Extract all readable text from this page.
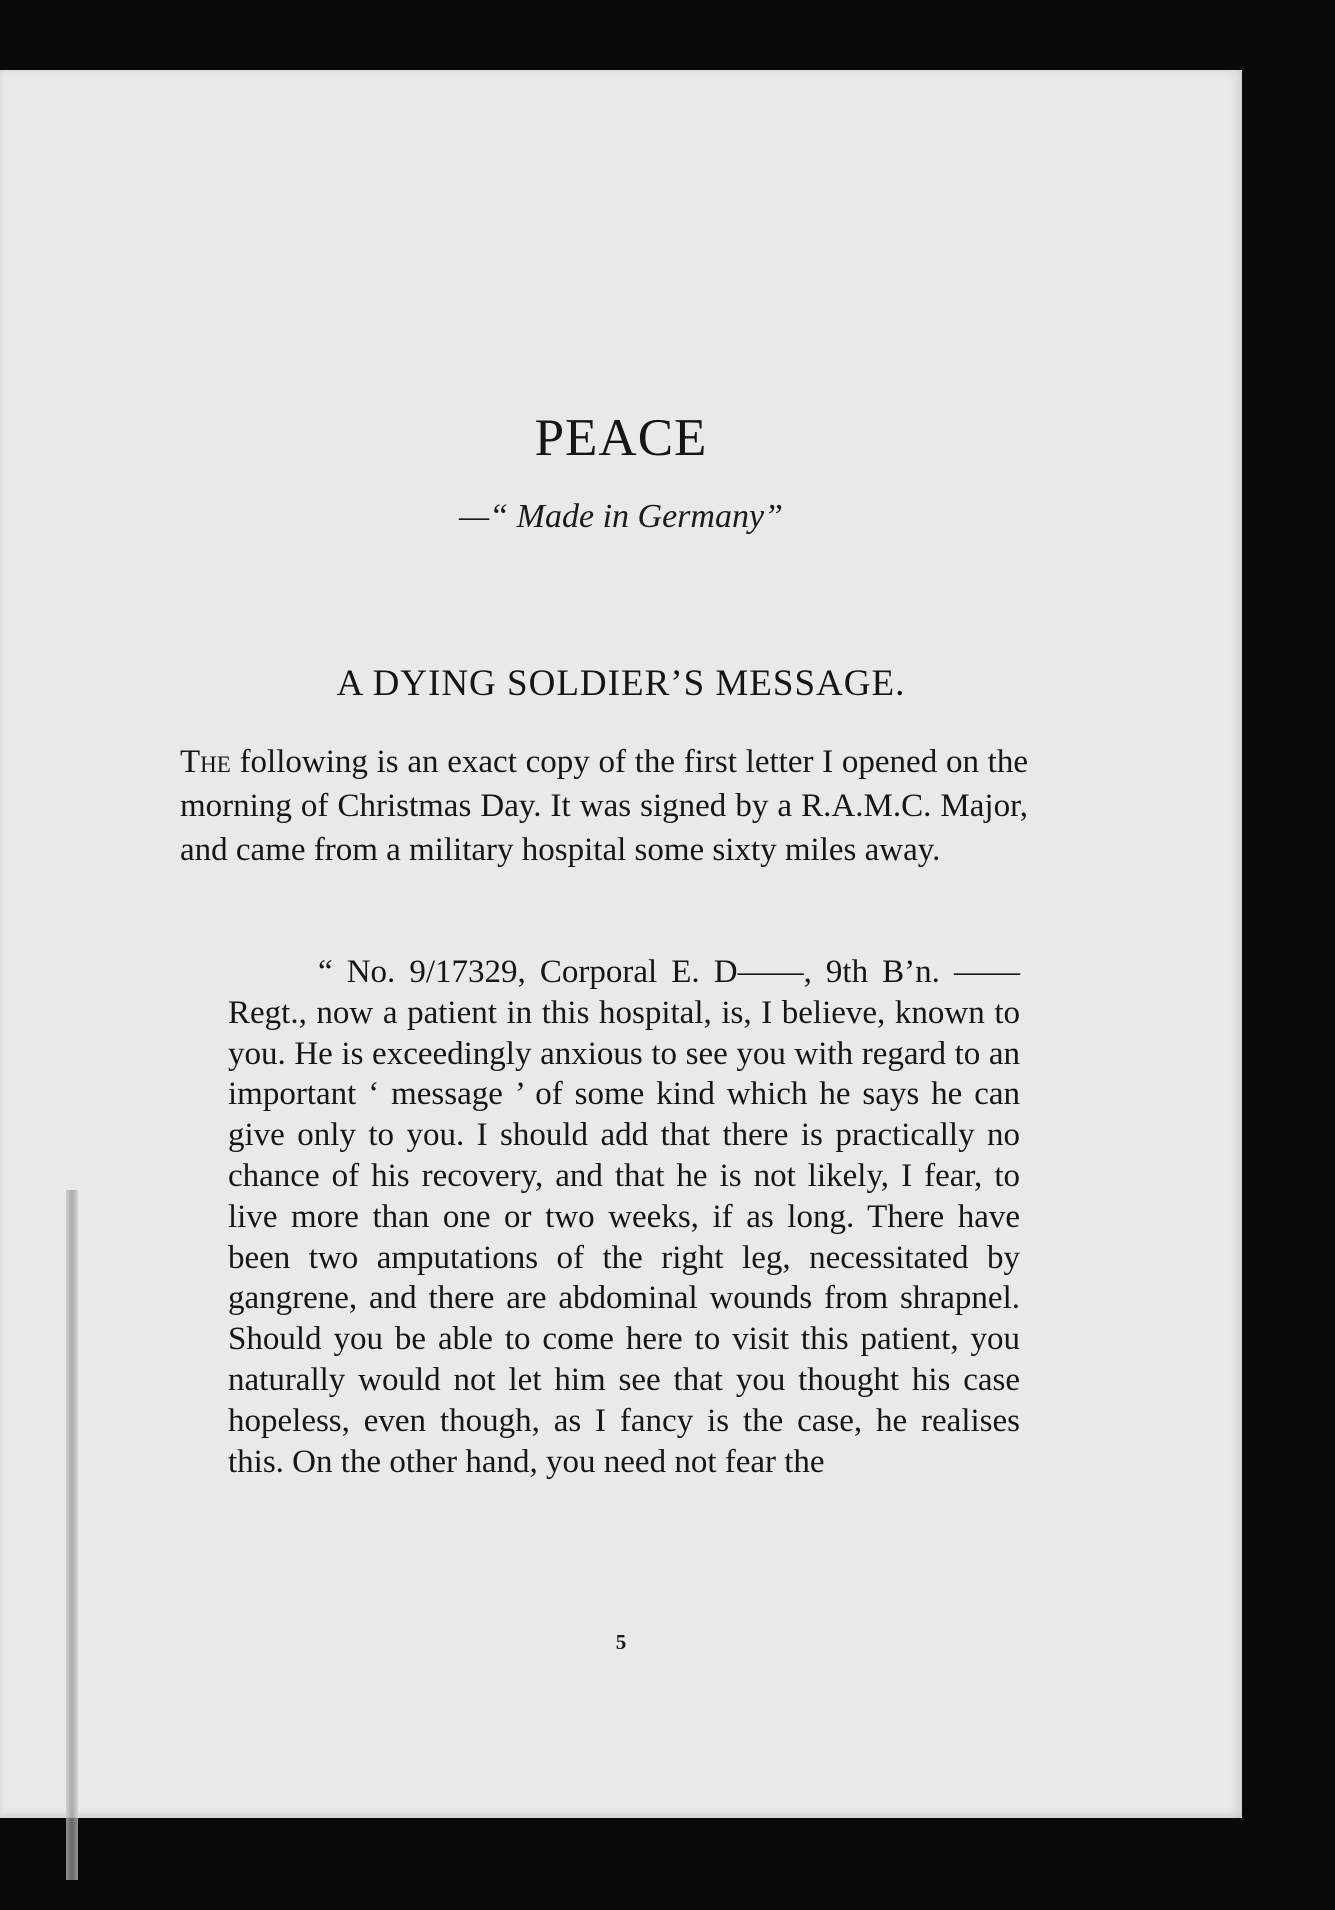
PEACE

—“ Made in Germany”

A DYING SOLDIER’S MESSAGE.

The following is an exact copy of the first letter I opened on the morning of Christmas Day. It was signed by a R.A.M.C. Major, and came from a military hospital some sixty miles away.

“ No. 9/17329, Corporal E. D——, 9th B’n. ——Regt., now a patient in this hospital, is, I believe, known to you. He is exceedingly anxious to see you with regard to an important ‘ message ’ of some kind which he says he can give only to you. I should add that there is practically no chance of his recovery, and that he is not likely, I fear, to live more than one or two weeks, if as long. There have been two amputations of the right leg, necessitated by gangrene, and there are abdominal wounds from shrapnel. Should you be able to come here to visit this patient, you naturally would not let him see that you thought his case hopeless, even though, as I fancy is the case, he realises this. On the other hand, you need not fear the

5
